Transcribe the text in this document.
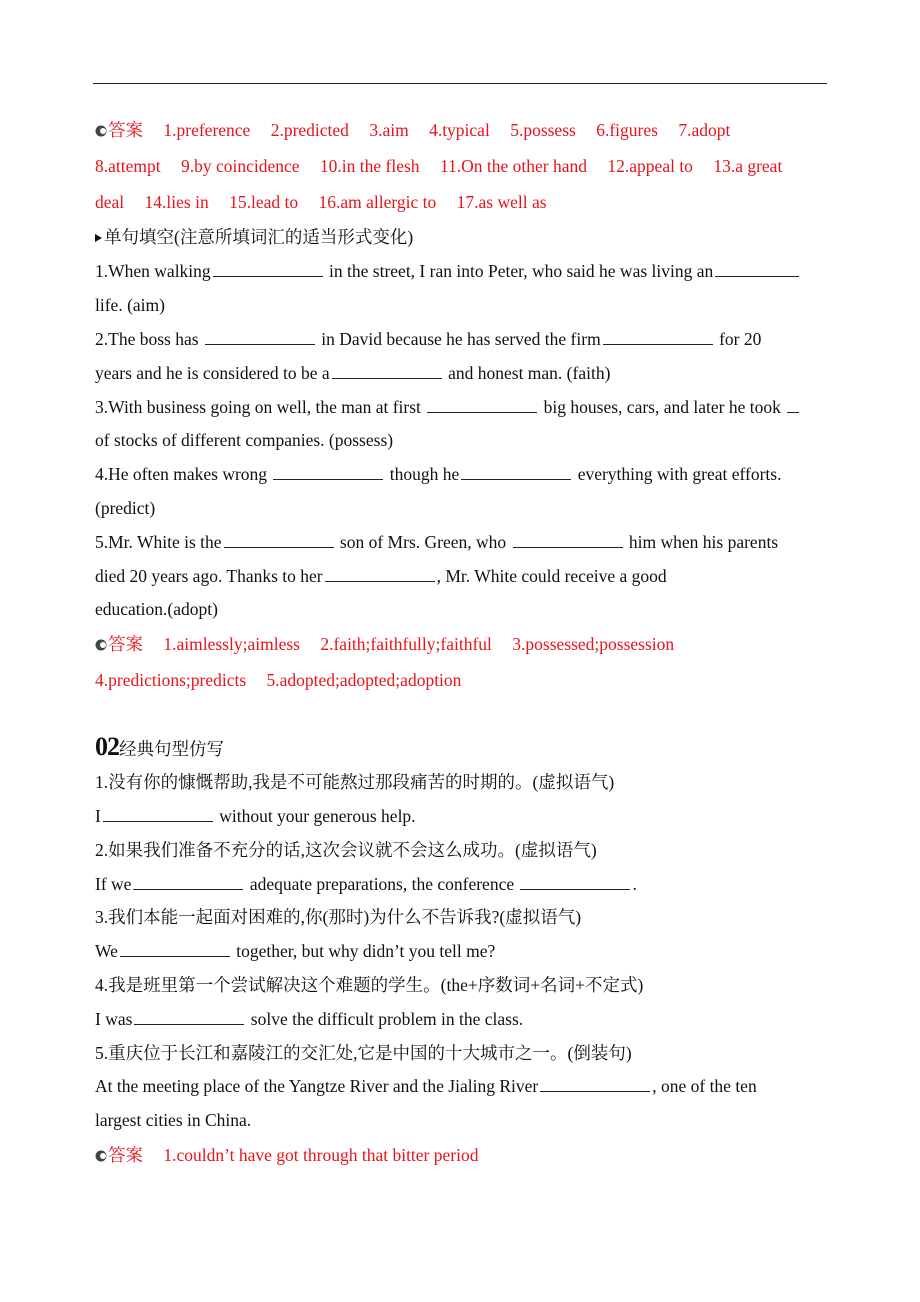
答案 1.preference 2.predicted 3.aim 4.typical 5.possess 6.figures 7.adopt
8.attempt 9.by coincidence 10.in the flesh 11.On the other hand 12.appeal to 13.a great
deal 14.lies in 15.lead to 16.am allergic to 17.as well as
单句填空(注意所填词汇的适当形式变化)
1.When walking	in the street, I ran into Peter, who said he was living an
life. (aim)
2.The boss has	in David because he has served the firm	for 20
years and he is considered to be a	and honest man. (faith)
3.With business going on well, the man at first	big houses, cars, and later he took
of stocks of different companies. (possess)
4.He often makes wrong	though he	everything with great efforts.
(predict)
5.Mr. White is the	son of Mrs. Green, who	him when his parents
died 20 years ago. Thanks to her	, Mr. White could receive a good
education.(adopt)
答案 1.aimlessly;aimless 2.faith;faithfully;faithful 3.possessed;possession
4.predictions;predicts 5.adopted;adopted;adoption
02经典句型仿写
1.没有你的慷慨帮助,我是不可能熬过那段痛苦的时期的。(虚拟语气)
I	without your generous help.
2.如果我们准备不充分的话,这次会议就不会这么成功。(虚拟语气)
If we	adequate preparations, the conference	.
3.我们本能一起面对困难的,你(那时)为什么不告诉我?(虚拟语气)
We	together, but why didn’t you tell me?
4.我是班里第一个尝试解决这个难题的学生。(the+序数词+名词+不定式)
I was	solve the difficult problem in the class.
5.重庆位于长江和嘉陵江的交汇处,它是中国的十大城市之一。(倒装句)
At the meeting place of the Yangtze River and the Jialing River	, one of the ten
largest cities in China.
答案 1.couldn’t have got through that bitter period
